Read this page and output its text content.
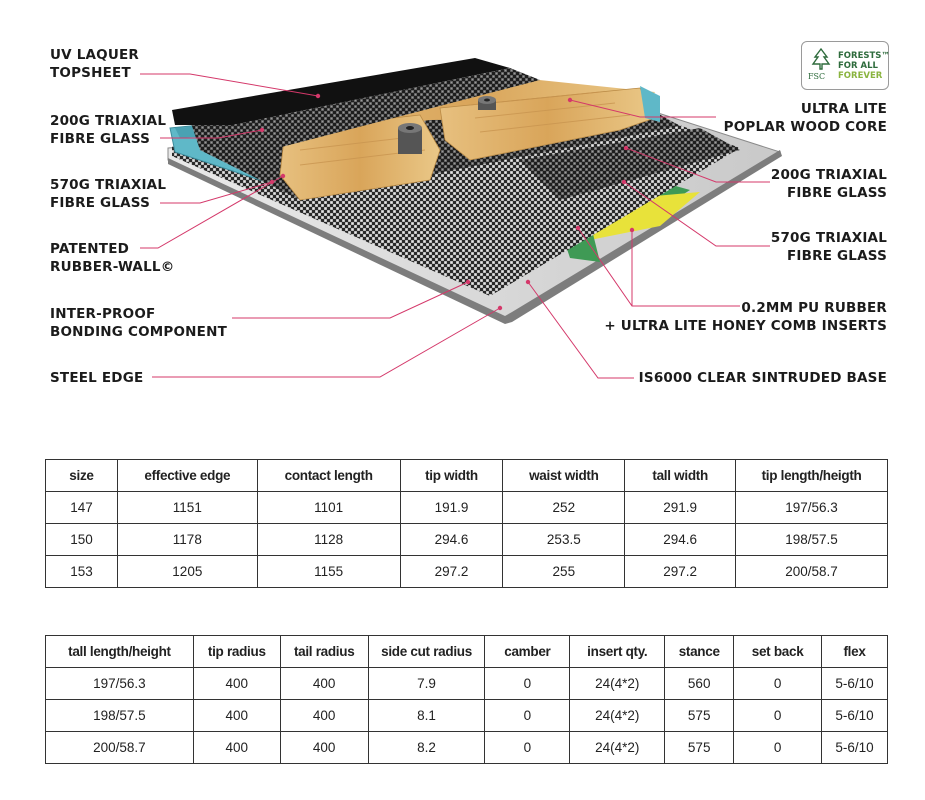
FSC
FORESTS™
FOR ALL
FOREVER
UV LAQUER
TOPSHEET
200G TRIAXIAL
FIBRE GLASS
570G TRIAXIAL
FIBRE GLASS
PATENTED
RUBBER-WALL©
INTER-PROOF
BONDING COMPONENT
STEEL EDGE
ULTRA LITE
POPLAR WOOD CORE
200G TRIAXIAL
FIBRE GLASS
570G TRIAXIAL
FIBRE GLASS
0.2MM PU RUBBER
+ ULTRA LITE HONEY COMB INSERTS
IS6000 CLEAR SINTRUDED BASE
size	effective edge	contact length	tip width	waist width	tall width	tip length/heigth
147	1151	1101	191.9	252	291.9	197/56.3
150	1178	1128	294.6	253.5	294.6	198/57.5
153	1205	1155	297.2	255	297.2	200/58.7
tall length/height	tip radius	tail radius	side cut radius	camber	insert qty.	stance	set back	flex
197/56.3	400	400	7.9	0	24(4*2)	560	0	5-6/10
198/57.5	400	400	8.1	0	24(4*2)	575	0	5-6/10
200/58.7	400	400	8.2	0	24(4*2)	575	0	5-6/10
